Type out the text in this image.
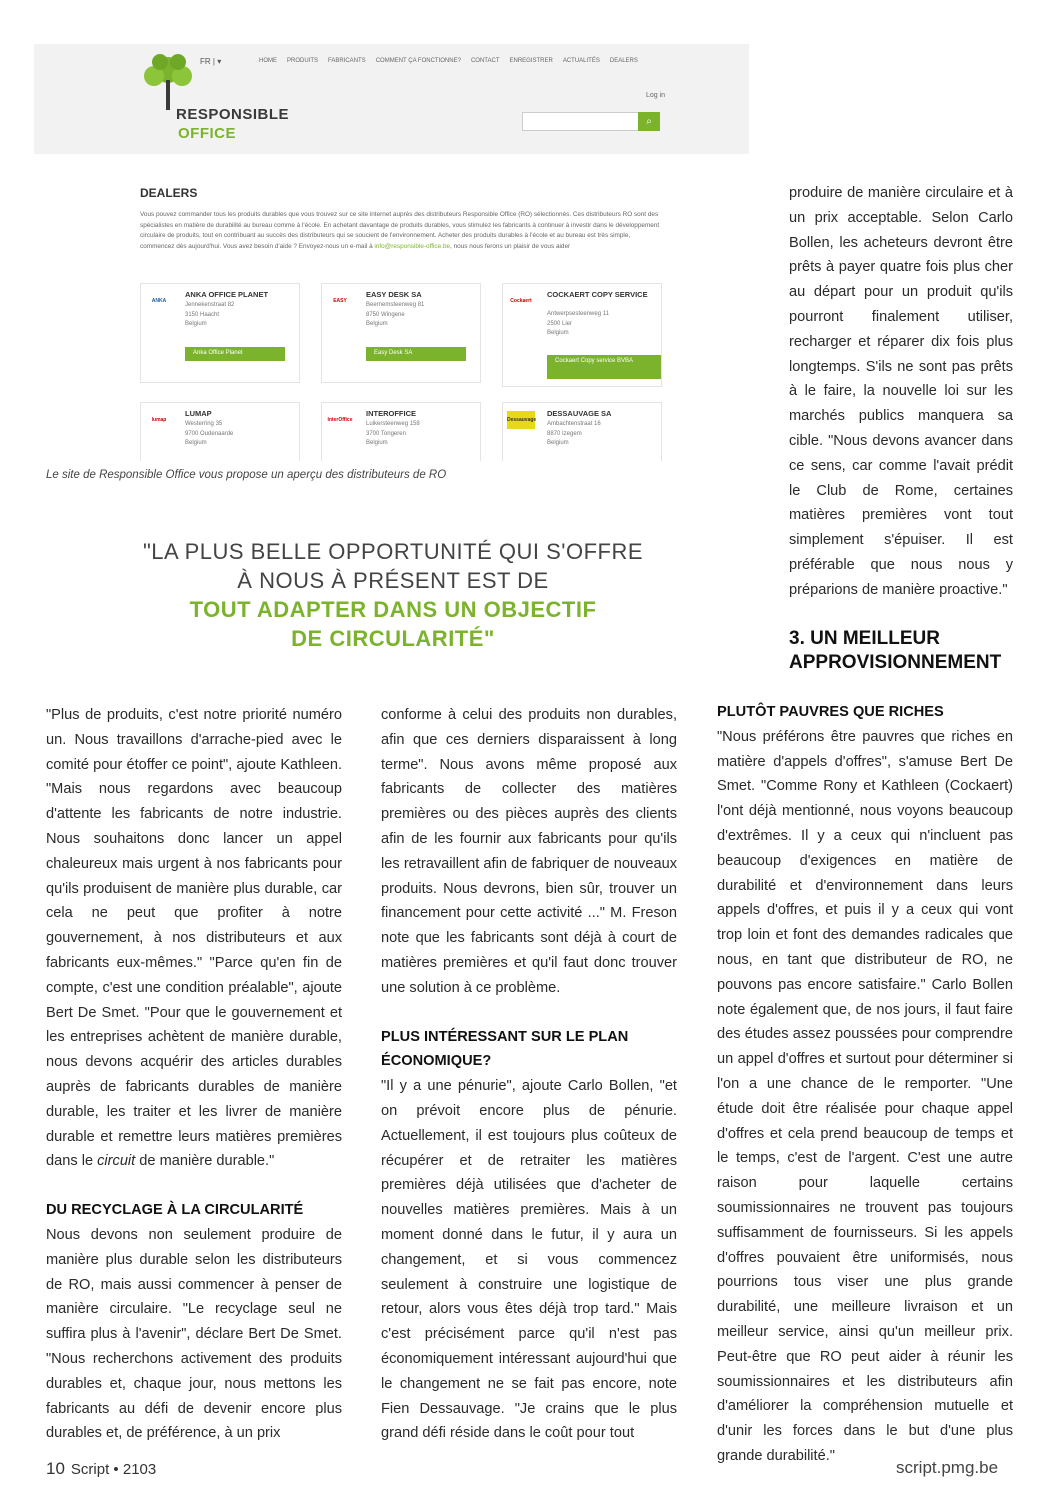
RESPONSIBLE
OFFICE
FR | ▾	HOME PRODUITS FABRICANTS COMMENT ÇA FONCTIONNE? CONTACT ENREGISTRER ACTUALITÉS DEALERS
Log in
⌕
DEALERS
Vous pouvez commander tous les produits durables que vous trouvez sur ce site internet auprès des distributeurs Responsible Office (RO) sélectionnés. Ces distributeurs RO sont des spécialistes en matière de durabilité au bureau comme à l'école. En achetant davantage de produits durables, vous stimulez les fabricants à continuer à investir dans le développement circulaire de produits, tout en contribuant au succès des distributeurs qui se soucient de l'environnement. Acheter des produits durables à l'école et au bureau est très simple, commencez dès aujourd'hui. Vous avez besoin d'aide ? Envoyez-nous un e-mail à info@responsible-office.be, nous nous ferons un plaisir de vous aider
ANKA
ANKA OFFICE PLANET
Jennekenstraat 82
3150 Haacht
Belgium
Anka Office Planet
EASY
EASY DESK SA
Beernemsteenweg 81
8750 Wingene
Belgium
Easy Desk SA
Cockaert
COCKAERT COPY SERVICE
Antwerpsesteenweg 11
2500 Lier
Belgium
Cockaert Copy service BVBA
lumap
LUMAP
Westerring 35
9700 Oudenaarde
Belgium
InterOffice
INTEROFFICE
Luikersteenweg 158
3700 Tongeren
Belgium
Dessauvage
DESSAUVAGE SA
Ambachtenstraat 16
8870 Izegem
Belgium
Le site de Responsible Office vous propose un aperçu des distributeurs de RO

produire de manière circulaire et à un prix acceptable. Selon Carlo Bollen, les acheteurs devront être prêts à payer quatre fois plus cher au départ pour un produit qu'ils pourront finalement utiliser, recharger et réparer dix fois plus longtemps. S'ils ne sont pas prêts à le faire, la nouvelle loi sur les marchés publics manquera sa cible. "Nous devons avancer dans ce sens, car comme l'avait prédit le Club de Rome, certaines matières premières vont tout simplement s'épuiser. Il est préférable que nous nous y préparions de manière proactive."

3. UN MEILLEUR APPROVISIONNEMENT
"LA PLUS BELLE OPPORTUNITÉ QUI S'OFFRE
À NOUS À PRÉSENT EST DE
TOUT ADAPTER DANS UN OBJECTIF
DE CIRCULARITÉ"

"Plus de produits, c'est notre priorité numéro un. Nous travaillons d'arrache-pied avec le comité pour étoffer ce point", ajoute Kathleen. "Mais nous regardons avec beaucoup d'attente les fabricants de notre industrie. Nous souhaitons donc lancer un appel chaleureux mais urgent à nos fabricants pour qu'ils produisent de manière plus durable, car cela ne peut que profiter à notre gouvernement, à nos distributeurs et aux fabricants eux-mêmes." "Parce qu'en fin de compte, c'est une condition préalable", ajoute Bert De Smet. "Pour que le gouvernement et les entreprises achètent de manière durable, nous devons acquérir des articles durables auprès de fabricants durables de manière durable, les traiter et les livrer de manière durable et remettre leurs matières premières dans le circuit de manière durable."

DU RECYCLAGE À LA CIRCULARITÉ

Nous devons non seulement produire de manière plus durable selon les distributeurs de RO, mais aussi commencer à penser de manière circulaire. "Le recyclage seul ne suffira plus à l'avenir", déclare Bert De Smet. "Nous recherchons activement des produits durables et, chaque jour, nous mettons les fabricants au défi de devenir encore plus durables et, de préférence, à un prix

conforme à celui des produits non durables, afin que ces derniers disparaissent à long terme". Nous avons même proposé aux fabricants de collecter des matières premières ou des pièces auprès des clients afin de les fournir aux fabricants pour qu'ils les retravaillent afin de fabriquer de nouveaux produits. Nous devrons, bien sûr, trouver un financement pour cette activité ..." M. Freson note que les fabricants sont déjà à court de matières premières et qu'il faut donc trouver une solution à ce problème.

PLUS INTÉRESSANT SUR LE PLAN ÉCONOMIQUE?

"Il y a une pénurie", ajoute Carlo Bollen, "et on prévoit encore plus de pénurie. Actuellement, il est toujours plus coûteux de récupérer et de retraiter les matières premières déjà utilisées que d'acheter de nouvelles matières premières. Mais à un moment donné dans le futur, il y aura un changement, et si vous commencez seulement à construire une logistique de retour, alors vous êtes déjà trop tard." Mais c'est précisément parce qu'il n'est pas économiquement intéressant aujourd'hui que le changement ne se fait pas encore, note Fien Dessauvage. "Je crains que le plus grand défi réside dans le coût pour tout

PLUTÔT PAUVRES QUE RICHES

"Nous préférons être pauvres que riches en matière d'appels d'offres", s'amuse Bert De Smet. "Comme Rony et Kathleen (Cockaert) l'ont déjà mentionné, nous voyons beaucoup d'extrêmes. Il y a ceux qui n'incluent pas beaucoup d'exigences en matière de durabilité et d'environnement dans leurs appels d'offres, et puis il y a ceux qui vont trop loin et font des demandes radicales que nous, en tant que distributeur de RO, ne pouvons pas encore satisfaire." Carlo Bollen note également que, de nos jours, il faut faire des études assez poussées pour comprendre un appel d'offres et surtout pour déterminer si l'on a une chance de le remporter. "Une étude doit être réalisée pour chaque appel d'offres et cela prend beaucoup de temps et le temps, c'est de l'argent. C'est une autre raison pour laquelle certains soumissionnaires ne trouvent pas toujours suffisamment de fournisseurs. Si les appels d'offres pouvaient être uniformisés, nous pourrions tous viser une plus grande durabilité, une meilleure livraison et un meilleur service, ainsi qu'un meilleur prix. Peut-être que RO peut aider à réunir les soumissionnaires et les distributeurs afin d'améliorer la compréhension mutuelle et d'unir les forces dans le but d'une plus grande durabilité."

10 Script • 2103	script.pmg.be
